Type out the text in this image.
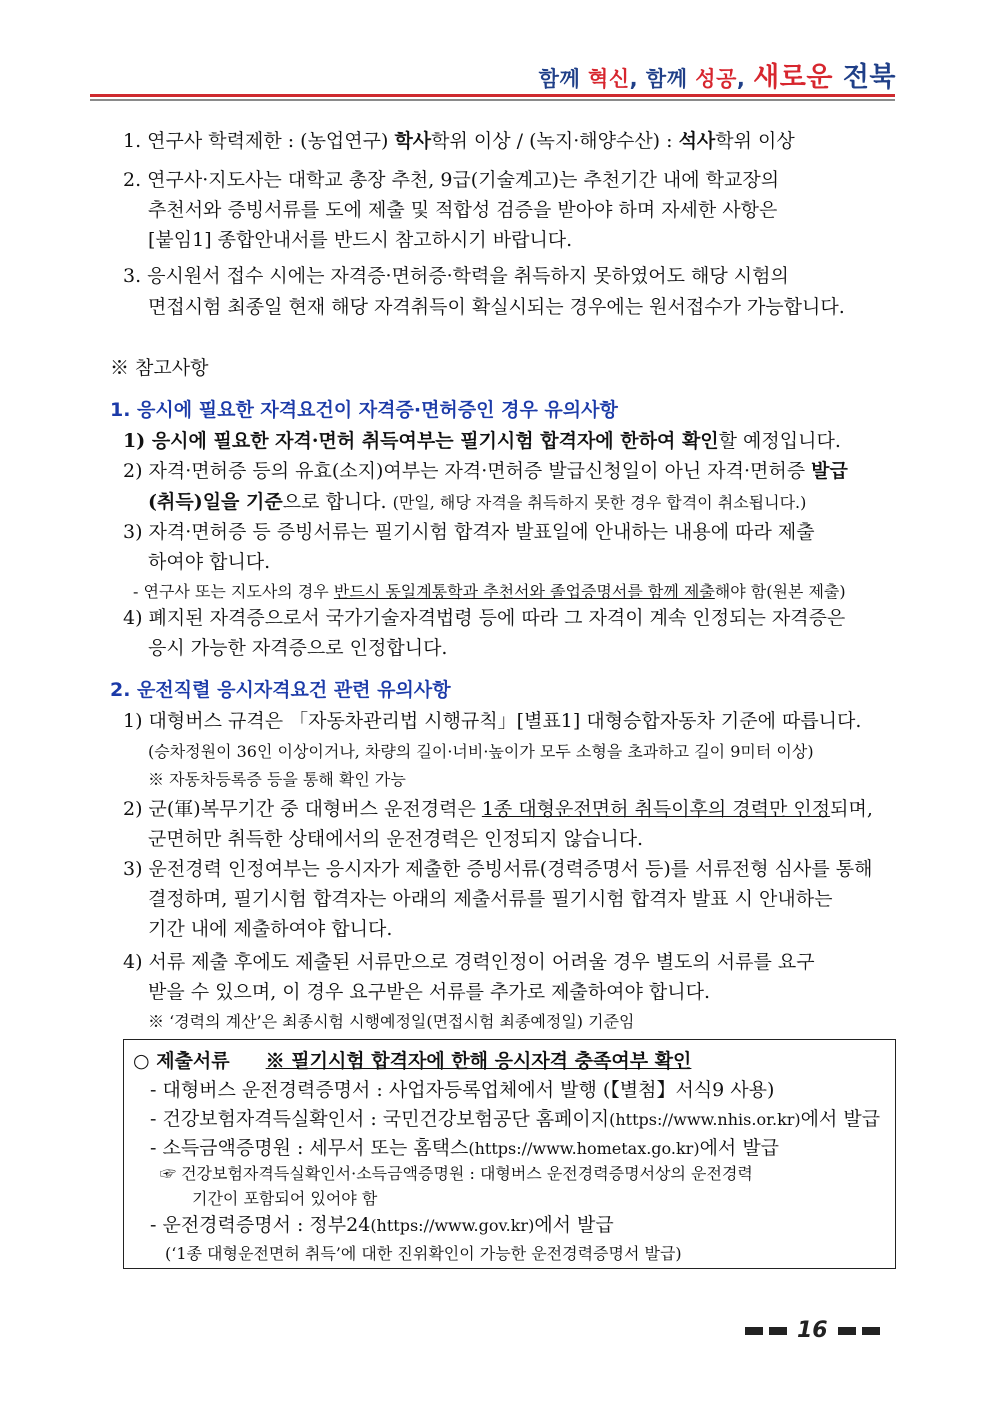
함께 혁신, 함께 성공, 새로운 전북
1. 연구사 학력제한 : (농업연구) 학사학위 이상 / (녹지·해양수산) : 석사학위 이상
2. 연구사·지도사는 대학교 총장 추천, 9급(기술계고)는 추천기간 내에 학교장의
추천서와 증빙서류를 도에 제출 및 적합성 검증을 받아야 하며 자세한 사항은
[붙임1] 종합안내서를 반드시 참고하시기 바랍니다.
3. 응시원서 접수 시에는 자격증·면허증·학력을 취득하지 못하였어도 해당 시험의
면접시험 최종일 현재 해당 자격취득이 확실시되는 경우에는 원서접수가 가능합니다.
※ 참고사항
1. 응시에 필요한 자격요건이 자격증·면허증인 경우 유의사항
1) 응시에 필요한 자격·면허 취득여부는 필기시험 합격자에 한하여 확인할 예정입니다.
2) 자격·면허증 등의 유효(소지)여부는 자격·면허증 발급신청일이 아닌 자격·면허증 발급
(취득)일을 기준으로 합니다. (만일, 해당 자격을 취득하지 못한 경우 합격이 취소됩니다.)
3) 자격·면허증 등 증빙서류는 필기시험 합격자 발표일에 안내하는 내용에 따라 제출
하여야 합니다.
- 연구사 또는 지도사의 경우 반드시 동일계통학과 추천서와 졸업증명서를 함께 제출해야 함(원본 제출)
4) 폐지된 자격증으로서 국가기술자격법령 등에 따라 그 자격이 계속 인정되는 자격증은
응시 가능한 자격증으로 인정합니다.
2. 운전직렬 응시자격요건 관련 유의사항
1) 대형버스 규격은 「자동차관리법 시행규칙」[별표1] 대형승합자동차 기준에 따릅니다.
(승차정원이 36인 이상이거나, 차량의 길이·너비·높이가 모두 소형을 초과하고 길이 9미터 이상)
※ 자동차등록증 등을 통해 확인 가능
2) 군(軍)복무기간 중 대형버스 운전경력은 1종 대형운전면허 취득이후의 경력만 인정되며,
군면허만 취득한 상태에서의 운전경력은 인정되지 않습니다.
3) 운전경력 인정여부는 응시자가 제출한 증빙서류(경력증명서 등)를 서류전형 심사를 통해
결정하며, 필기시험 합격자는 아래의 제출서류를 필기시험 합격자 발표 시 안내하는
기간 내에 제출하여야 합니다.
4) 서류 제출 후에도 제출된 서류만으로 경력인정이 어려울 경우 별도의 서류를 요구
받을 수 있으며, 이 경우 요구받은 서류를 추가로 제출하여야 합니다.
※ ‘경력의 계산’은 최종시험 시행예정일(면접시험 최종예정일) 기준임
○ 제출서류 ※ 필기시험 합격자에 한해 응시자격 충족여부 확인
- 대형버스 운전경력증명서 : 사업자등록업체에서 발행 (【별첨】서식9 사용)
- 건강보험자격득실확인서 : 국민건강보험공단 홈페이지(https://www.nhis.or.kr)에서 발급
- 소득금액증명원 : 세무서 또는 홈택스(https://www.hometax.go.kr)에서 발급
☞ 건강보험자격득실확인서·소득금액증명원 : 대형버스 운전경력증명서상의 운전경력
기간이 포함되어 있어야 함
- 운전경력증명서 : 정부24(https://www.gov.kr)에서 발급
(‘1종 대형운전면허 취득’에 대한 진위확인이 가능한 운전경력증명서 발급)
16
